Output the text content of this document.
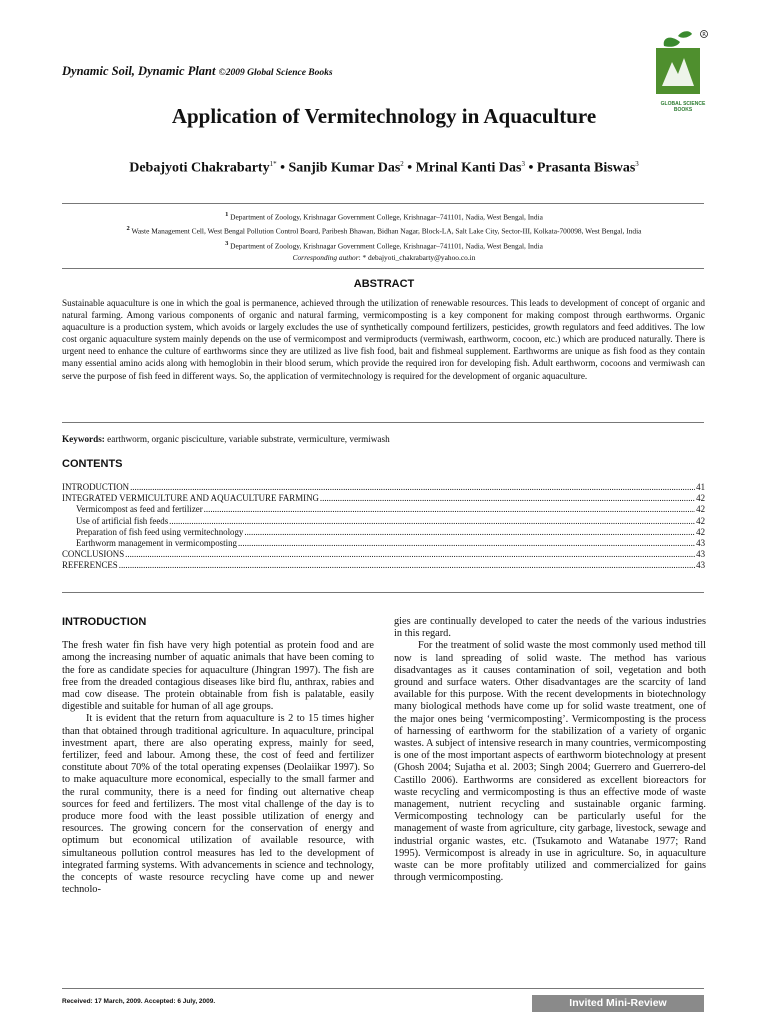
Dynamic Soil, Dynamic Plant ©2009 Global Science Books
R
GLOBAL SCIENCE BOOKS
Application of Vermitechnology in Aquaculture
Debajyoti Chakrabarty$^{1*}$ • Sanjib Kumar Das$^2$ • Mrinal Kanti Das$^3$ • Prasanta Biswas$^3$
$^1$ Department of Zoology, Krishnagar Government College, Krishnagar–741101, Nadia, West Bengal, India
$^2$ Waste Management Cell, West Bengal Pollution Control Board, Paribesh Bhawan, Bidhan Nagar, Block-LA, Salt Lake City, Sector-III, Kolkata-700098, West Bengal, India
$^3$ Department of Zoology, Krishnagar Government College, Krishnagar–741101, Nadia, West Bengal, India
Corresponding author: * debajyoti_chakrabarty@yahoo.co.in
ABSTRACT
Sustainable aquaculture is one in which the goal is permanence, achieved through the utilization of renewable resources. This leads to development of concept of organic and natural farming. Among various components of organic and natural farming, vermicomposting is a key component for making compost through earthworms. Organic aquaculture is a production system, which avoids or largely excludes the use of synthetically compound fertilizers, pesticides, growth regulators and feed additives. The low cost organic aquaculture system mainly depends on the use of vermicompost and vermiproducts (vermiwash, earthworm, cocoon, etc.) which are produced naturally. There is urgent need to enhance the culture of earthworms since they are utilized as live fish food, bait and fishmeal supplement. Earthworms are unique as fish food as they contain many essential amino acids along with hemoglobin in their blood serum, which provide the required iron for developing fish. Adult earthworm, cocoons and vermiwash can serve the purpose of fish feed in different ways. So, the application of vermitechnology is required for the development of organic aquaculture.
Keywords: earthworm, organic pisciculture, variable substrate, vermiculture, vermiwash
CONTENTS
INTRODUCTION .....	41
INTEGRATED VERMICULTURE AND AQUACULTURE FARMING .....	42
Vermicompost as feed and fertilizer .....	42
Use of artificial fish feeds .....	42
Preparation of fish feed using vermitechnology .....	42
Earthworm management in vermicomposting .....	43
CONCLUSIONS .....	43
REFERENCES .....	43

INTRODUCTION

The fresh water fin fish have very high potential as protein food and are among the increasing number of aquatic animals that have been coming to the fore as candidate species for aquaculture (Jhingran 1997). The fish are free from the dreaded contagious diseases like bird flu, anthrax, rabies and mad cow disease. The protein obtainable from fish is palatable, easily digestible and suitable for human of all age groups.

It is evident that the return from aquaculture is 2 to 15 times higher than that obtained through traditional agriculture. In aquaculture, principal investment apart, there are also operating express, mainly for seed, fertilizer, feed and labour. Among these, the cost of feed and fertilizer constitute about 70% of the total operating expenses (Deolaiikar 1997). So to make aquaculture more economical, especially to the small farmer and the rural community, there is a need for finding out alternative cheap sources for feed and fertilizers. The most vital challenge of the day is to produce more food with the least possible utilization of energy and resources. The growing concern for the conservation of energy and optimum but economical utilization of available resource, with simultaneous pollution control measures has led to the development of integrated farming systems. With advancements in science and technology, the concepts of waste resource recycling have come up and newer technolo-

gies are continually developed to cater the needs of the various industries in this regard.

For the treatment of solid waste the most commonly used method till now is land spreading of solid waste. The method has various disadvantages as it causes contamination of soil, vegetation and both ground and surface waters. Other disadvantages are the scarcity of land available for this purpose. With the recent developments in biotechnology many biological methods have come up for solid waste treatment, one of the major ones being ‘vermicomposting’. Vermicomposting is the process of harnessing of earthworm for the stabilization of a variety of organic wastes. A subject of intensive research in many countries, vermicomposting is one of the most important aspects of earthworm biotechnology at present (Ghosh 2004; Sujatha et al. 2003; Singh 2004; Guerrero and Guerrero-del Castillo 2006). Earthworms are considered as excellent bioreactors for waste recycling and vermicomposting is thus an effective mode of waste management, nutrient recycling and sustainable organic farming. Vermicomposting technology can be particularly useful for the management of waste from agriculture, city garbage, livestock, sewage and industrial organic wastes, etc. (Tsukamoto and Watanabe 1977; Rand 1995). Vermicompost is already in use in agriculture. So, in aquaculture waste can be more profitably utilized and commercialized for gains through vermicomposting.

Received: 17 March, 2009. Accepted: 6 July, 2009.	Invited Mini-Review
